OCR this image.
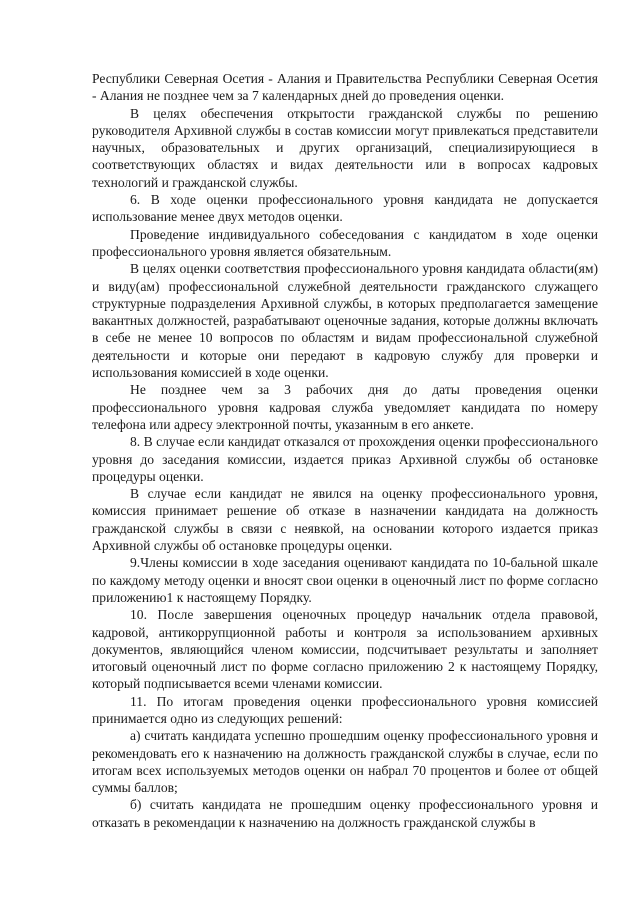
Республики Северная Осетия - Алания и Правительства Республики Северная Осетия - Алания не позднее чем за 7 календарных дней до проведения оценки.

В целях обеспечения открытости гражданской службы по решению руководителя Архивной службы в состав комиссии могут привлекаться представители научных, образовательных и других организаций, специализирующиеся в соответствующих областях и видах деятельности или в вопросах кадровых технологий и гражданской службы.

6. В ходе оценки профессионального уровня кандидата не допускается использование менее двух методов оценки.

Проведение индивидуального собеседования с кандидатом в ходе оценки профессионального уровня является обязательным.

В целях оценки соответствия профессионального уровня кандидата области(ям) и виду(ам) профессиональной служебной деятельности гражданского служащего структурные подразделения Архивной службы, в которых предполагается замещение вакантных должностей, разрабатывают оценочные задания, которые должны включать в себе не менее 10 вопросов по областям и видам профессиональной служебной деятельности и которые они передают в кадровую службу для проверки и использования комиссией в ходе оценки.

Не позднее чем за 3 рабочих дня до даты проведения оценки профессионального уровня кадровая служба уведомляет кандидата по номеру телефона или адресу электронной почты, указанным в его анкете.

8. В случае если кандидат отказался от прохождения оценки профессионального уровня до заседания комиссии, издается приказ Архивной службы об остановке процедуры оценки.

В случае если кандидат не явился на оценку профессионального уровня, комиссия принимает решение об отказе в назначении кандидата на должность гражданской службы в связи с неявкой, на основании которого издается приказ Архивной службы об остановке процедуры оценки.

9.Члены комиссии в ходе заседания оценивают кандидата по 10-бальной шкале по каждому методу оценки и вносят свои оценки в оценочный лист по форме согласно приложению1 к настоящему Порядку.

10. После завершения оценочных процедур начальник отдела правовой, кадровой, антикоррупционной работы и контроля за использованием архивных документов, являющийся членом комиссии, подсчитывает результаты и заполняет итоговый оценочный лист по форме согласно приложению 2 к настоящему Порядку, который подписывается всеми членами комиссии.

11. По итогам проведения оценки профессионального уровня комиссией принимается одно из следующих решений:

а) считать кандидата успешно прошедшим оценку профессионального уровня и рекомендовать его к назначению на должность гражданской службы в случае, если по итогам всех используемых методов оценки он набрал 70 процентов и более от общей суммы баллов;

б) считать кандидата не прошедшим оценку профессионального уровня и отказать в рекомендации к назначению на должность гражданской службы в
